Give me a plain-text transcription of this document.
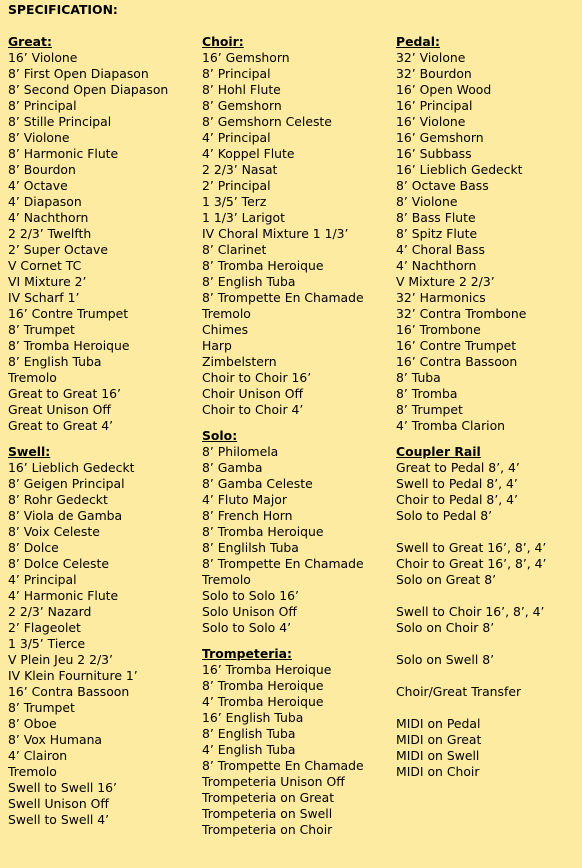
SPECIFICATION:
Great:
16’ Violone
8’ First Open Diapason
8’ Second Open Diapason
8’ Principal
8’ Stille Principal
8’ Violone
8’ Harmonic Flute
8’ Bourdon
4’ Octave
4’ Diapason
4’ Nachthorn
2 2/3’ Twelfth
2’ Super Octave
V Cornet TC
VI Mixture 2’
IV Scharf 1’
16’ Contre Trumpet
8’ Trumpet
8’ Tromba Heroique
8’ English Tuba
Tremolo
Great to Great 16’
Great Unison Off
Great to Great 4’
Swell:
16’ Lieblich Gedeckt
8’ Geigen Principal
8’ Rohr Gedeckt
8’ Viola de Gamba
8’ Voix Celeste
8’ Dolce
8’ Dolce Celeste
4’ Principal
4’ Harmonic Flute
2 2/3’ Nazard
2’ Flageolet
1 3/5’ Tierce
V Plein Jeu 2 2/3’
IV Klein Fourniture 1’
16’ Contra Bassoon
8’ Trumpet
8’ Oboe
8’ Vox Humana
4’ Clairon
Tremolo
Swell to Swell 16’
Swell Unison Off
Swell to Swell 4’
Choir:
16’ Gemshorn
8’ Principal
8’ Hohl Flute
8’ Gemshorn
8’ Gemshorn Celeste
4’ Principal
4’ Koppel Flute
2 2/3’ Nasat
2’ Principal
1 3/5’ Terz
1 1/3’ Larigot
IV Choral Mixture 1 1/3’
8’ Clarinet
8’ Tromba Heroique
8’ English Tuba
8’ Trompette En Chamade
Tremolo
Chimes
Harp
Zimbelstern
Choir to Choir 16’
Choir Unison Off
Choir to Choir 4’
Solo:
8’ Philomela
8’ Gamba
8’ Gamba Celeste
4’ Fluto Major
8’ French Horn
8’ Tromba Heroique
8’ Englilsh Tuba
8’ Trompette En Chamade
Tremolo
Solo to Solo 16’
Solo Unison Off
Solo to Solo 4’
Trompeteria:
16’ Tromba Heroique
8’ Tromba Heroique
4’ Tromba Heroique
16’ English Tuba
8’ English Tuba
4’ English Tuba
8’ Trompette En Chamade
Trompeteria Unison Off
Trompeteria on Great
Trompeteria on Swell
Trompeteria on Choir
Pedal:
32’ Violone
32’ Bourdon
16’ Open Wood
16’ Principal
16’ Violone
16’ Gemshorn
16’ Subbass
16’ Lieblich Gedeckt
8’ Octave Bass
8’ Violone
8’ Bass Flute
8’ Spitz Flute
4’ Choral Bass
4’ Nachthorn
V Mixture 2 2/3’
32’ Harmonics
32’ Contra Trombone
16’ Trombone
16’ Contre Trumpet
16’ Contra Bassoon
8’ Tuba
8’ Tromba
8’ Trumpet
4’ Tromba Clarion
Coupler Rail
Great to Pedal 8’, 4’
Swell to Pedal 8’, 4’
Choir to Pedal 8’, 4’
Solo to Pedal 8’
Swell to Great 16’, 8’, 4’
Choir to Great 16’, 8’, 4’
Solo on Great 8’
Swell to Choir 16’, 8’, 4’
Solo on Choir 8’
Solo on Swell 8’
Choir/Great Transfer
MIDI on Pedal
MIDI on Great
MIDI on Swell
MIDI on Choir
